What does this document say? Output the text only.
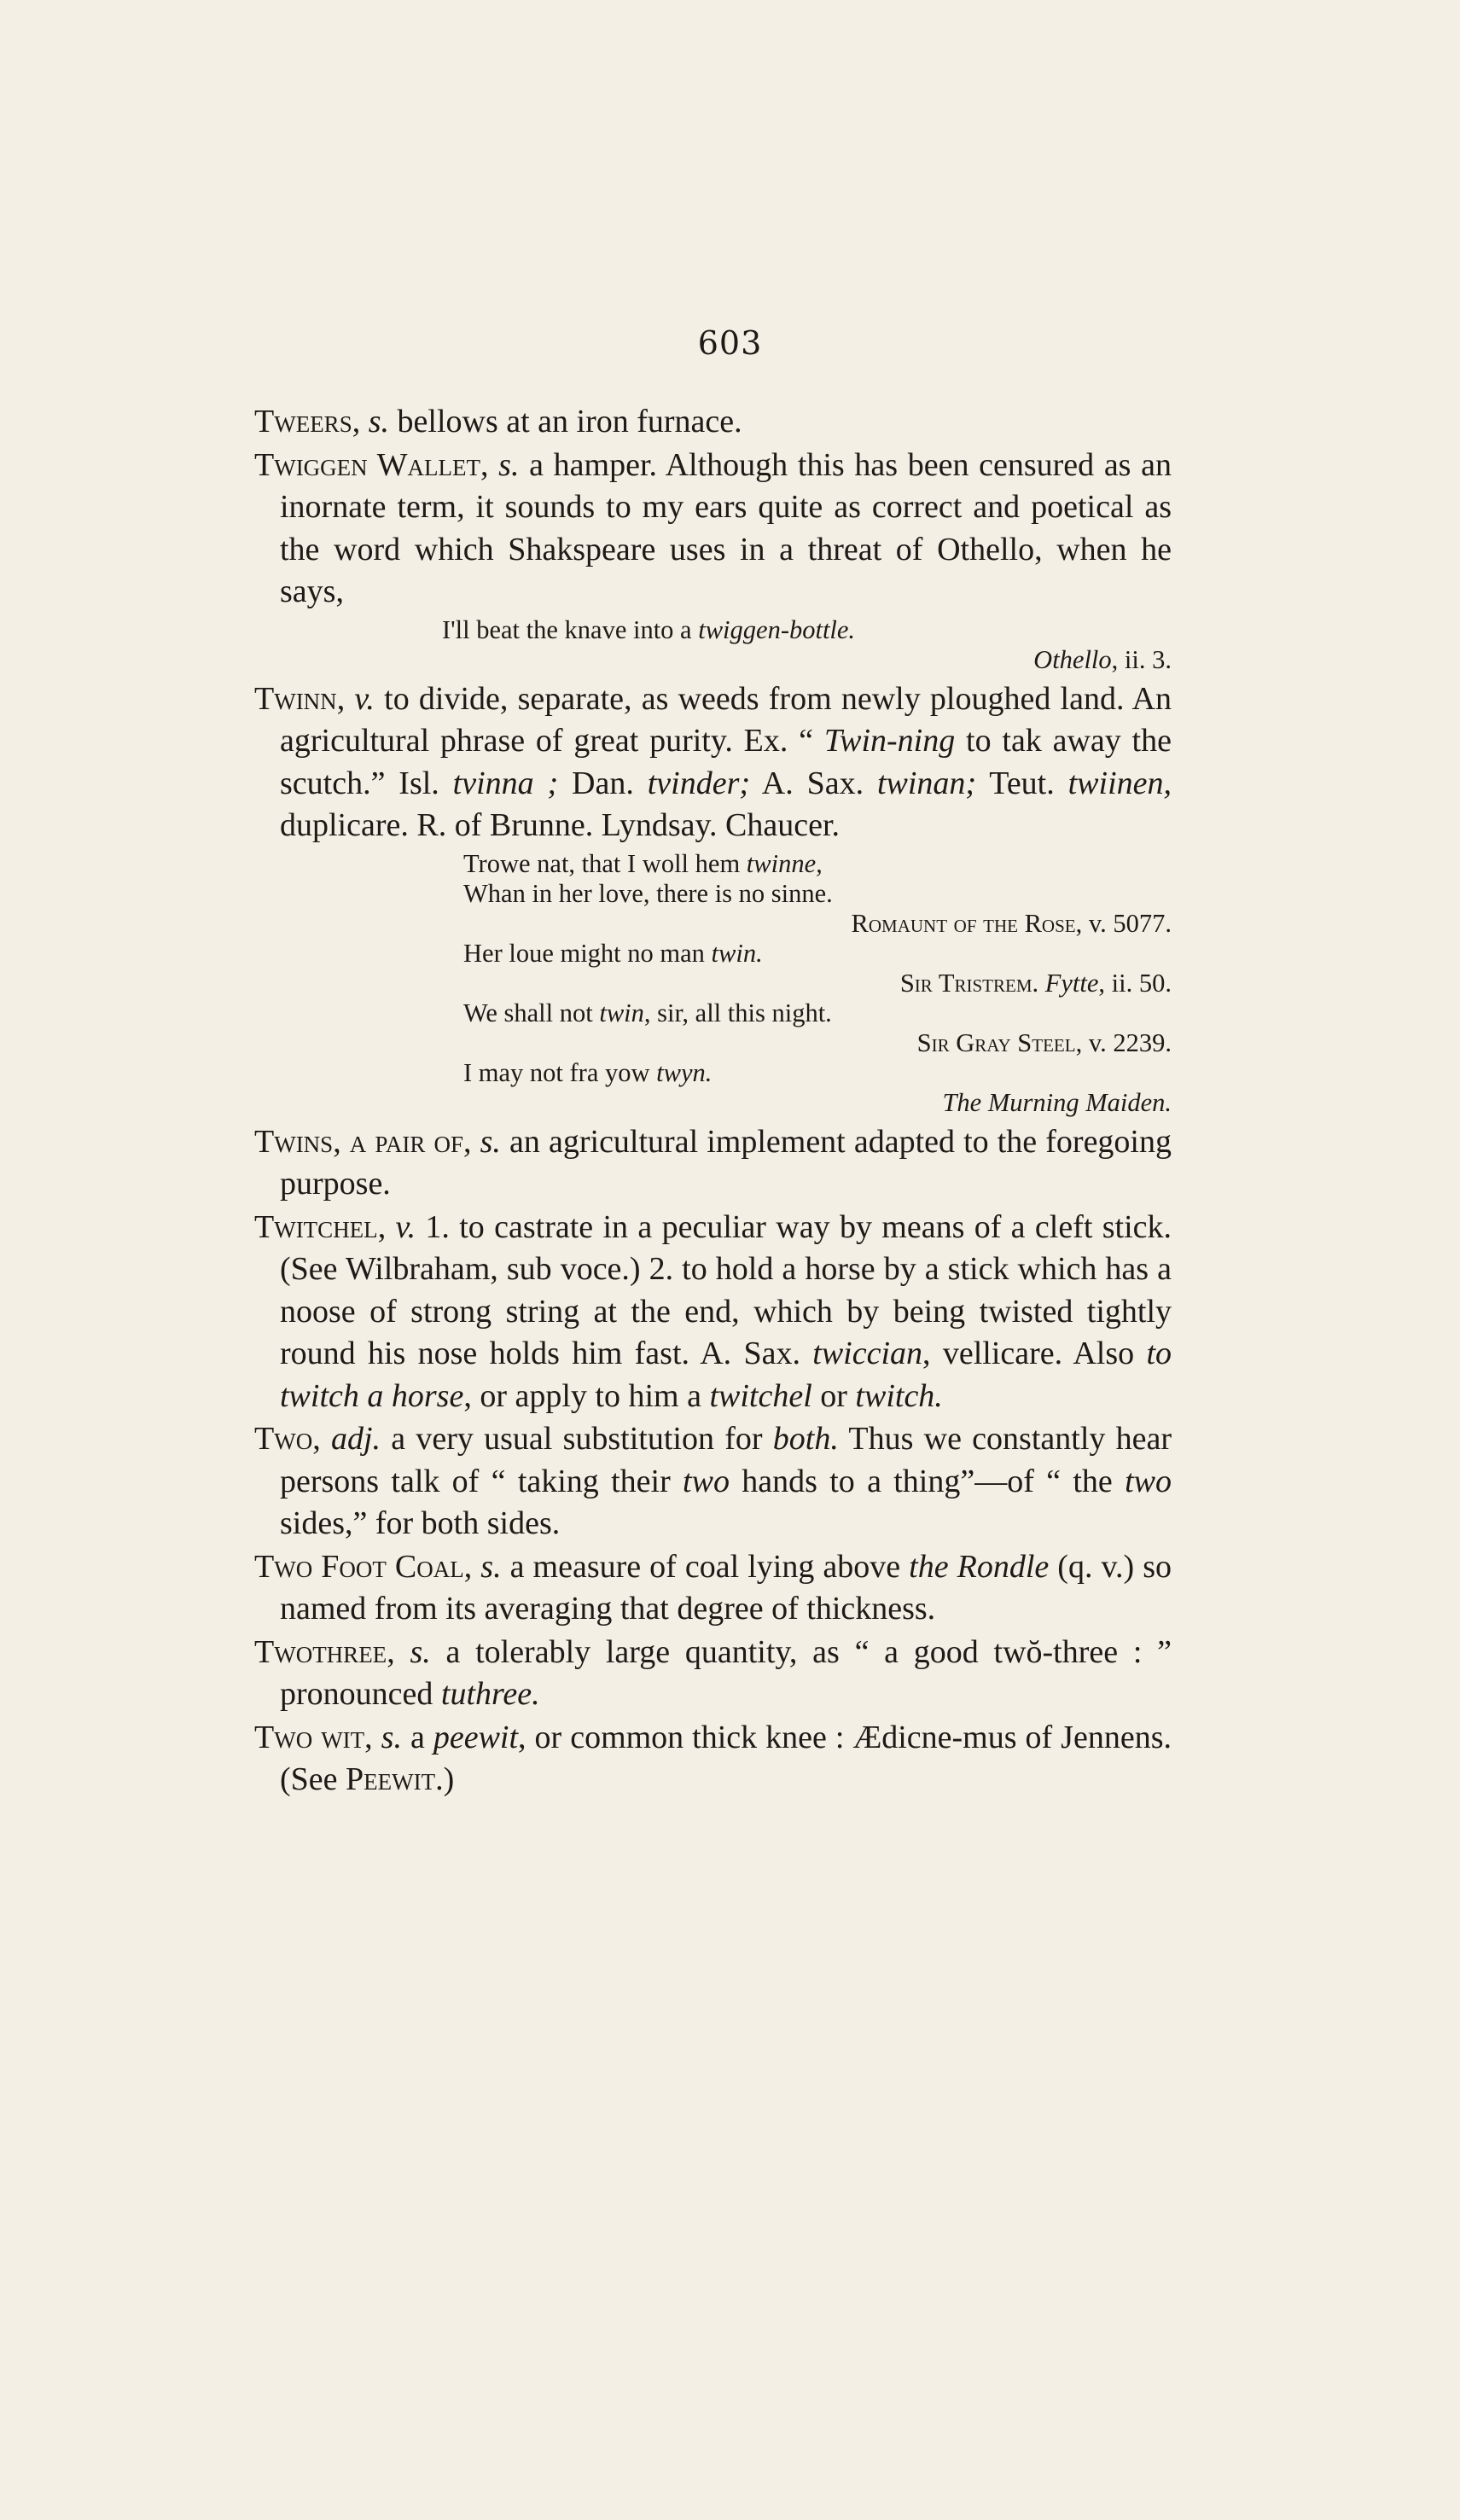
603

Tweers, s. bellows at an iron furnace.

Twiggen Wallet, s. a hamper. Although this has been censured as an inornate term, it sounds to my ears quite as correct and poetical as the word which Shakspeare uses in a threat of Othello, when he says,

I'll beat the knave into a twiggen-bottle.
Othello, ii. 3.

Twinn, v. to divide, separate, as weeds from newly ploughed land. An agricultural phrase of great purity. Ex. “ Twin-ning to tak away the scutch.” Isl. tvinna ; Dan. tvinder; A. Sax. twinan; Teut. twiinen, duplicare. R. of Brunne. Lyndsay. Chaucer.

Trowe nat, that I woll hem twinne,
Whan in her love, there is no sinne.
Romaunt of the Rose, v. 5077.
Her loue might no man twin.
Sir Tristrem. Fytte, ii. 50.
We shall not twin, sir, all this night.
Sir Gray Steel, v. 2239.
I may not fra yow twyn.
The Murning Maiden.

Twins, a pair of, s. an agricultural implement adapted to the foregoing purpose.

Twitchel, v. 1. to castrate in a peculiar way by means of a cleft stick. (See Wilbraham, sub voce.) 2. to hold a horse by a stick which has a noose of strong string at the end, which by being twisted tightly round his nose holds him fast. A. Sax. twiccian, vellicare. Also to twitch a horse, or apply to him a twitchel or twitch.

Two, adj. a very usual substitution for both. Thus we constantly hear persons talk of “ taking their two hands to a thing”—of “ the two sides,” for both sides.

Two Foot Coal, s. a measure of coal lying above the Rondle (q. v.) so named from its averaging that degree of thickness.

Twothree, s. a tolerably large quantity, as “ a good twŏ-three : ” pronounced tuthree.

Two wit, s. a peewit, or common thick knee : Ædicne-mus of Jennens. (See Peewit.)
